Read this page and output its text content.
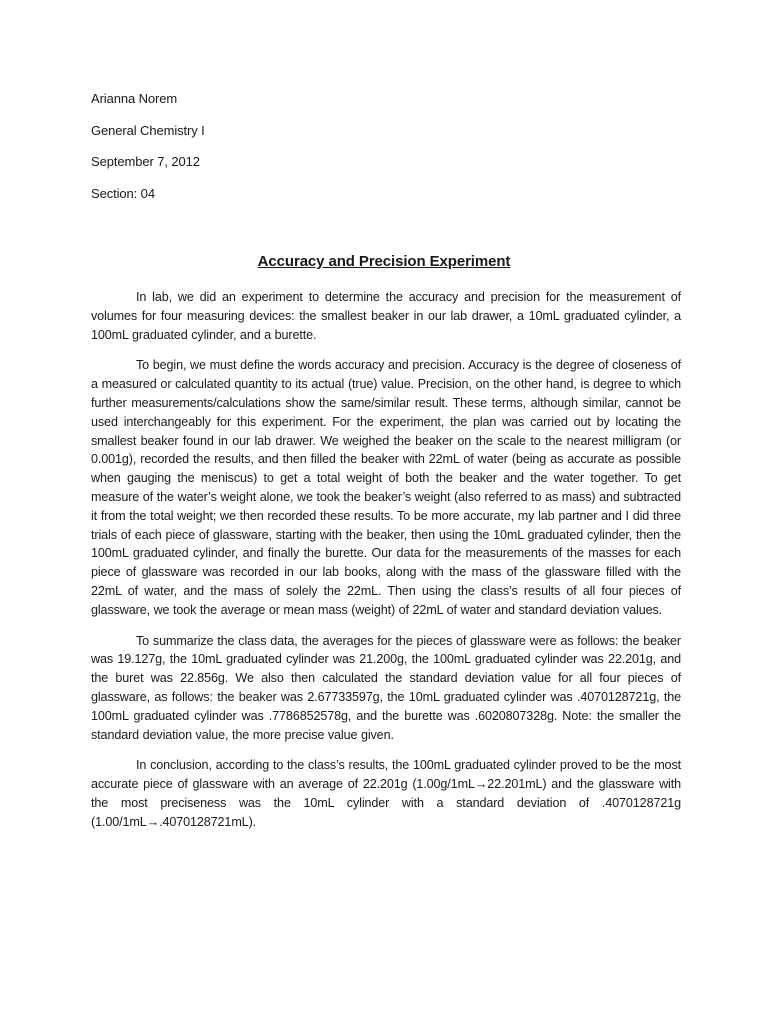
Arianna Norem
General Chemistry I
September 7, 2012
Section: 04
Accuracy and Precision Experiment

In lab, we did an experiment to determine the accuracy and precision for the measurement of volumes for four measuring devices: the smallest beaker in our lab drawer, a 10mL graduated cylinder, a 100mL graduated cylinder, and a burette.

To begin, we must define the words accuracy and precision. Accuracy is the degree of closeness of a measured or calculated quantity to its actual (true) value. Precision, on the other hand, is degree to which further measurements/calculations show the same/similar result. These terms, although similar, cannot be used interchangeably for this experiment. For the experiment, the plan was carried out by locating the smallest beaker found in our lab drawer. We weighed the beaker on the scale to the nearest milligram (or 0.001g), recorded the results, and then filled the beaker with 22mL of water (being as accurate as possible when gauging the meniscus) to get a total weight of both the beaker and the water together. To get measure of the water’s weight alone, we took the beaker’s weight (also referred to as mass) and subtracted it from the total weight; we then recorded these results. To be more accurate, my lab partner and I did three trials of each piece of glassware, starting with the beaker, then using the 10mL graduated cylinder, then the 100mL graduated cylinder, and finally the burette. Our data for the measurements of the masses for each piece of glassware was recorded in our lab books, along with the mass of the glassware filled with the 22mL of water, and the mass of solely the 22mL. Then using the class’s results of all four pieces of glassware, we took the average or mean mass (weight) of 22mL of water and standard deviation values.

To summarize the class data, the averages for the pieces of glassware were as follows: the beaker was 19.127g, the 10mL graduated cylinder was 21.200g, the 100mL graduated cylinder was 22.201g, and the buret was 22.856g. We also then calculated the standard deviation value for all four pieces of glassware, as follows: the beaker was 2.67733597g, the 10mL graduated cylinder was .4070128721g, the 100mL graduated cylinder was .7786852578g, and the burette was .6020807328g. Note: the smaller the standard deviation value, the more precise value given.

In conclusion, according to the class’s results, the 100mL graduated cylinder proved to be the most accurate piece of glassware with an average of 22.201g (1.00g/1mL→22.201mL) and the glassware with the most preciseness was the 10mL cylinder with a standard deviation of .4070128721g (1.00/1mL→.4070128721mL).
